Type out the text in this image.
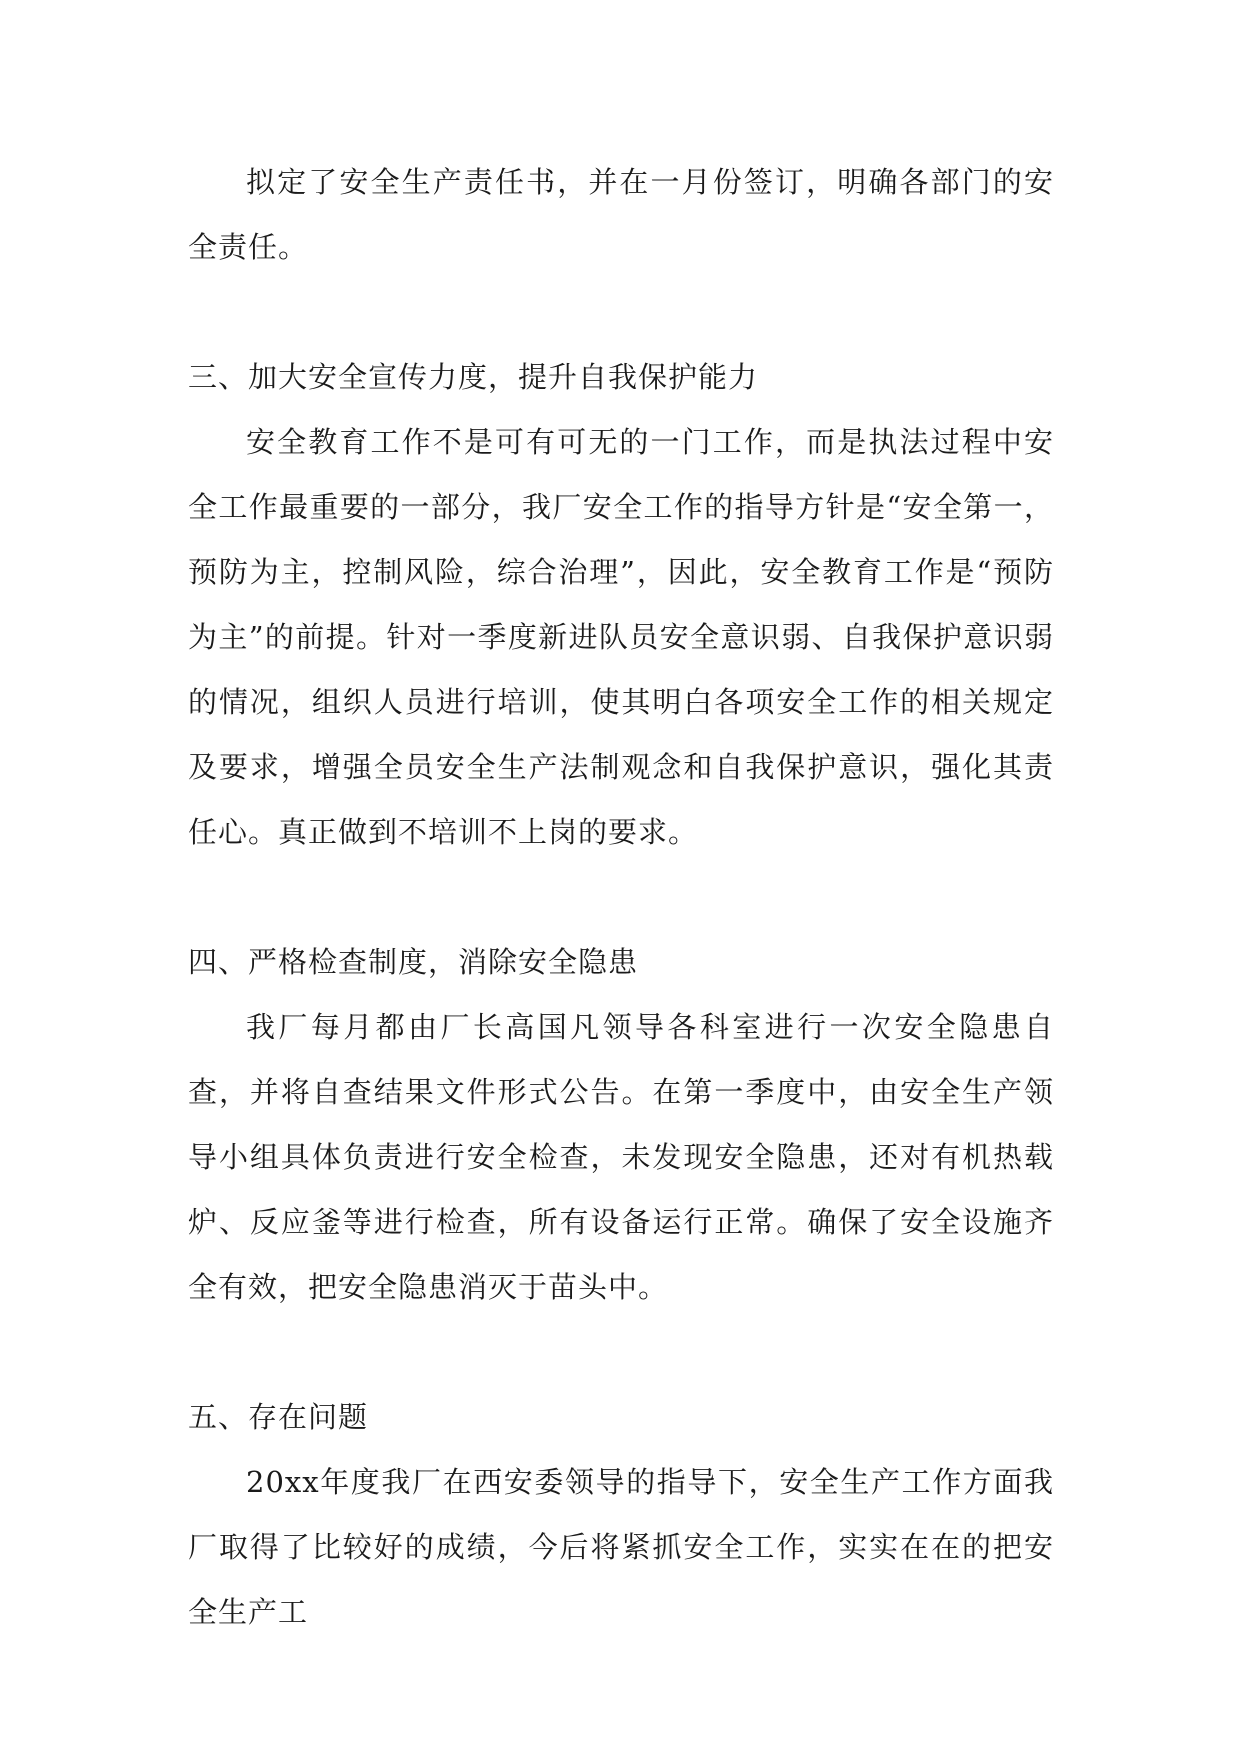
拟定了安全生产责任书，并在一月份签订，明确各部门的安全责任。

三、加大安全宣传力度，提升自我保护能力

安全教育工作不是可有可无的一门工作，而是执法过程中安全工作最重要的一部分，我厂安全工作的指导方针是“安全第一，预防为主，控制风险，综合治理”，因此，安全教育工作是“预防为主”的前提。针对一季度新进队员安全意识弱、自我保护意识弱的情况，组织人员进行培训，使其明白各项安全工作的相关规定及要求，增强全员安全生产法制观念和自我保护意识，强化其责任心。真正做到不培训不上岗的要求。

四、严格检查制度，消除安全隐患

我厂每月都由厂长高国凡领导各科室进行一次安全隐患自查，并将自查结果文件形式公告。在第一季度中，由安全生产领导小组具体负责进行安全检查，未发现安全隐患，还对有机热载炉、反应釜等进行检查，所有设备运行正常。确保了安全设施齐全有效，把安全隐患消灭于苗头中。

五、存在问题

20xx年度我厂在西安委领导的指导下，安全生产工作方面我厂取得了比较好的成绩，今后将紧抓安全工作，实实在在的把安全生产工
